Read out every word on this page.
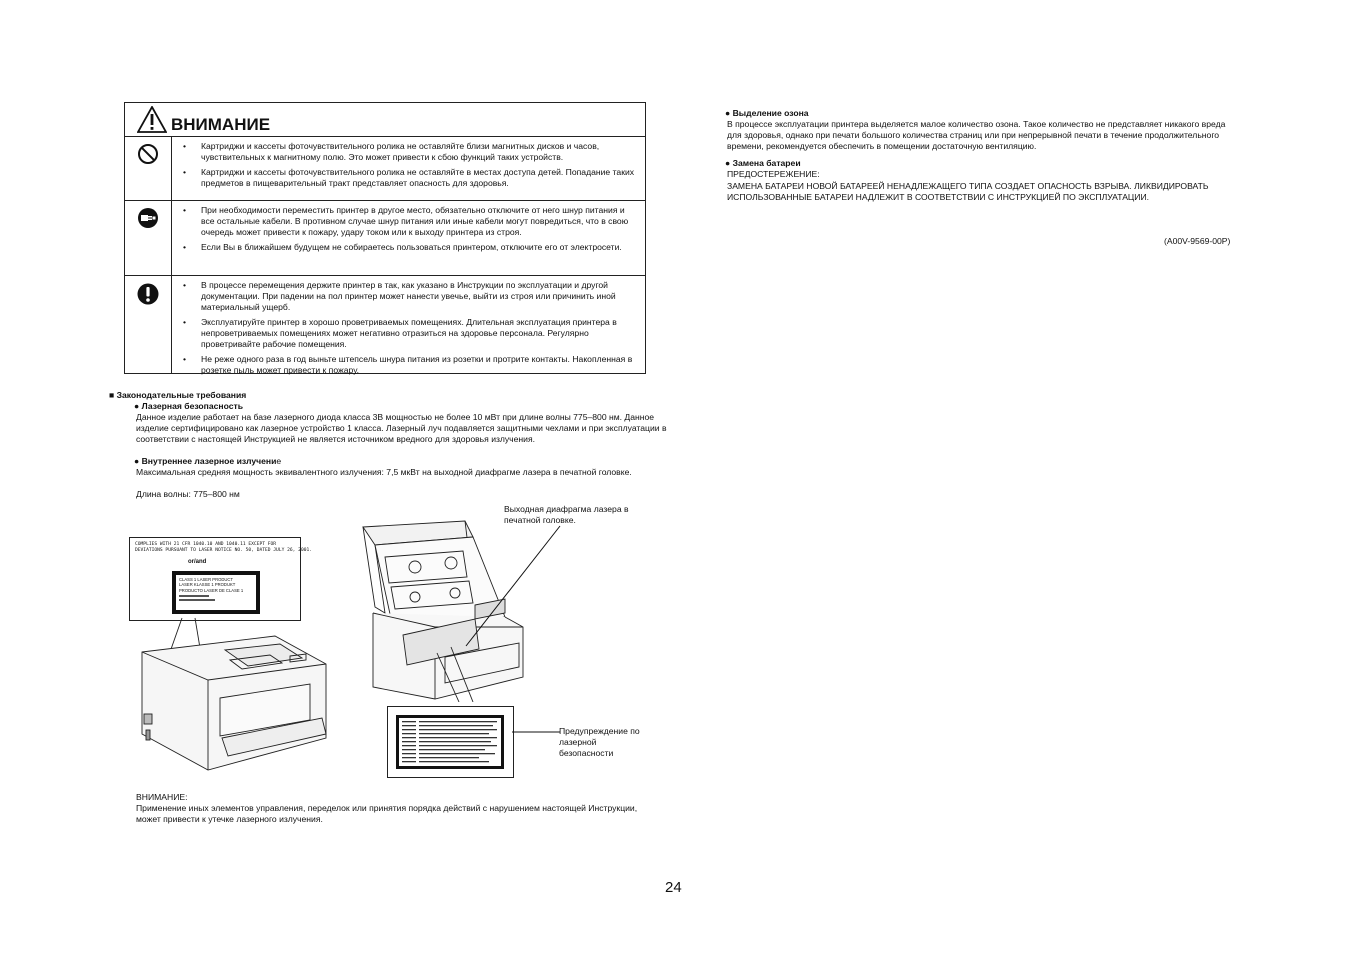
ВНИМАНИЕ
• Картриджи и кассеты фоточувствительного ролика не оставляйте близи магнитных дисков и часов, чувствительных к магнитному полю. Это может привести к сбою функций таких устройств.
• Картриджи и кассеты фоточувствительного ролика не оставляйте в местах доступа детей. Попадание таких предметов в пищеварительный тракт представляет опасность для здоровья.
• При необходимости переместить принтер в другое место, обязательно отключите от него шнур питания и все остальные кабели. В противном случае шнур питания или иные кабели могут повредиться, что в свою очередь может привести к пожару, удару током или к выходу принтера из строя.
• Если Вы в ближайшем будущем не собираетесь пользоваться принтером, отключите его от электросети.
• В процессе перемещения держите принтер в так, как указано в Инструкции по эксплуатации и другой документации. При падении на пол принтер может нанести увечье, выйти из строя или причинить иной материальный ущерб.
• Эксплуатируйте принтер в хорошо проветриваемых помещениях. Длительная эксплуатация принтера в непроветриваемых помещениях может негативно отразиться на здоровье персонала. Регулярно проветривайте рабочие помещения.
• Не реже одного раза в год выньте штепсель шнура питания из розетки и протрите контакты. Накопленная в розетке пыль может привести к пожару.
■ Законодательные требования
● Лазерная безопасность
Данное изделие работает на базе лазерного диода класса 3B мощностью не более 10 мВт при длине волны 775–800 нм. Данное изделие сертифицировано как лазерное устройство 1 класса. Лазерный луч подавляется защитными чехлами и при эксплуатации в соответствии с настоящей Инструкцией не является источником вредного для здоровья излучения.
● Внутреннее лазерное излучение
Максимальная средняя мощность эквивалентного излучения: 7,5 мкВт на выходной диафрагме лазера в печатной головке.
Длина волны: 775–800 нм
COMPLIES WITH 21 CFR 1040.10 AND 1040.11 EXCEPT FOR
DEVIATIONS PURSUANT TO LASER NOTICE NO. 50, DATED JULY 26, 2001.
or/and
CLASS 1 LASER PRODUCT
LASER KLASSE 1 PRODUKT
PRODUCTO LASER DE CLASE 1
Выходная диафрагма лазера в печатной головке.
Предупреждение по лазерной безопасности
ВНИМАНИЕ:
Применение иных элементов управления, переделок или принятия порядка действий с нарушением настоящей Инструкции, может привести к утечке лазерного излучения.
● Выделение озона
В процессе эксплуатации принтера выделяется малое количество озона. Такое количество не представляет никакого вреда для здоровья, однако при печати большого количества страниц или при непрерывной печати в течение продолжительного времени, рекомендуется обеспечить в помещении достаточную вентиляцию.
● Замена батареи
ПРЕДОСТЕРЕЖЕНИЕ:
ЗАМЕНА БАТАРЕИ НОВОЙ БАТАРЕЕЙ НЕНАДЛЕЖАЩЕГО ТИПА СОЗДАЕТ ОПАСНОСТЬ ВЗРЫВА. ЛИКВИДИРОВАТЬ ИСПОЛЬЗОВАННЫЕ БАТАРЕИ НАДЛЕЖИТ В СООТВЕТСТВИИ С ИНСТРУКЦИЕЙ ПО ЭКСПЛУАТАЦИИ.
(A00V-9569-00P)
24
